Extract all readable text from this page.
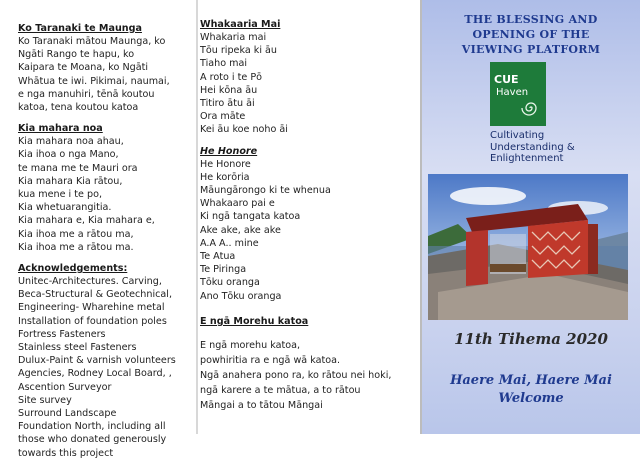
Ko Taranaki te Maunga
Ko Taranaki mātou Maunga, ko
Ngāti Rango te hapu, ko
Kaipara te Moana, ko Ngāti
Whātua te iwi. Pikimai, naumai,
e nga manuhiri, tēnā koutou
katoa, tena koutou katoa
Kia mahara noa
Kia mahara noa ahau,
Kia ihoa o nga Mano,
te mana me te Mauri ora
Kia mahara Kia rātou,
kua mene i te po,
Kia whetuarangitia.
Kia mahara e, Kia mahara e,
Kia ihoa me a rātou ma,
Kia ihoa me a rātou ma.
Acknowledgements:
Unitec-Architectures. Carving,
Beca-Structural & Geotechnical,
Engineering- Wharehine metal
Installation of foundation poles
Fortress Fasteners
Stainless steel Fasteners
Dulux-Paint & varnish volunteers
Agencies, Rodney Local Board, ,
Ascention Surveyor
Site survey
Surround Landscape
Foundation North, including all
those who donated generously
towards this project
Whakaaria Mai
Whakaria mai
Tōu ripeka ki āu
Tiaho mai
A roto i te Pō
Hei kōna āu
Titiro ātu āi
Ora māte
Kei āu koe noho āi
He Honore
He Honore
He korōria
Māungārongo ki te whenua
Whakaaro pai e
Ki ngā tangata katoa
Ake ake, ake ake
A.A A.. mine
Te Atua
Te Piringa
Tōku oranga
Ano Tōku oranga
E ngā Morehu katoa
E ngā morehu katoa,
powhiritia ra e ngā wā katoa.
Ngā anahera pono ra, ko rātou nei hoki,
ngā karere a te mātua, a to rātou
Māngai a to tātou Māngai
THE BLESSING AND
OPENING OF THE
VIEWING PLATFORM
CUE
Haven
Cultivating
Understanding &
Enlightenment
11th Tihema 2020
Haere Mai, Haere Mai
Welcome
